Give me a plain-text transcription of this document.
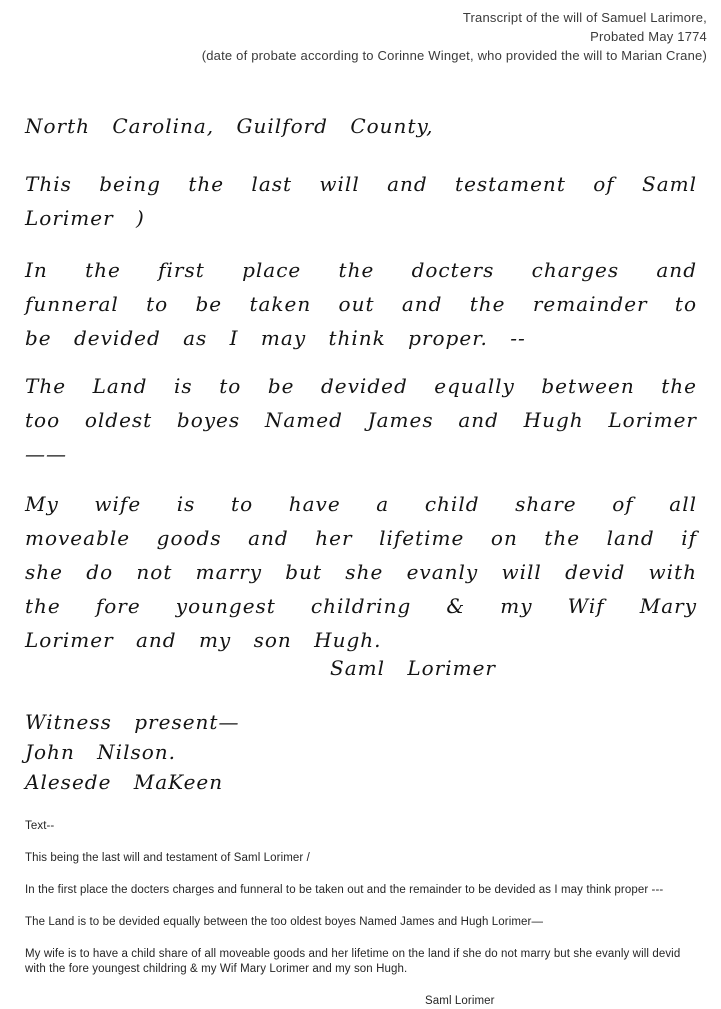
Transcript of the will of Samuel Larimore,
Probated May 1774
(date of probate according to Corinne Winget, who provided the will to Marian Crane)

North Carolina, Guilford County,

This being the last will and testament of Saml Lorimer )

In the first place the docters charges and funneral to be taken out and the remainder to be devided as I may think proper. --

The Land is to be devided equally between the too oldest boyes Named James and Hugh Lorimer——

My wife is to have a child share of all moveable goods and her lifetime on the land if she do not marry but she evanly will devid with the fore youngest childring & my Wif Mary Lorimer and my son Hugh.

Saml Lorimer

Witness present—

John Nilson.

Alesede MaKeen

Text--

This being the last will and testament of Saml Lorimer /

In the first place the docters charges and funneral to be taken out and the remainder to be devided as I may think proper ---

The Land is to be devided equally between the too oldest boyes Named James and Hugh Lorimer—

My wife is to have a child share of all moveable goods and her lifetime on the land if she do not marry but she evanly will devid with the fore youngest childring & my Wif Mary Lorimer and my son Hugh.

Saml Lorimer
